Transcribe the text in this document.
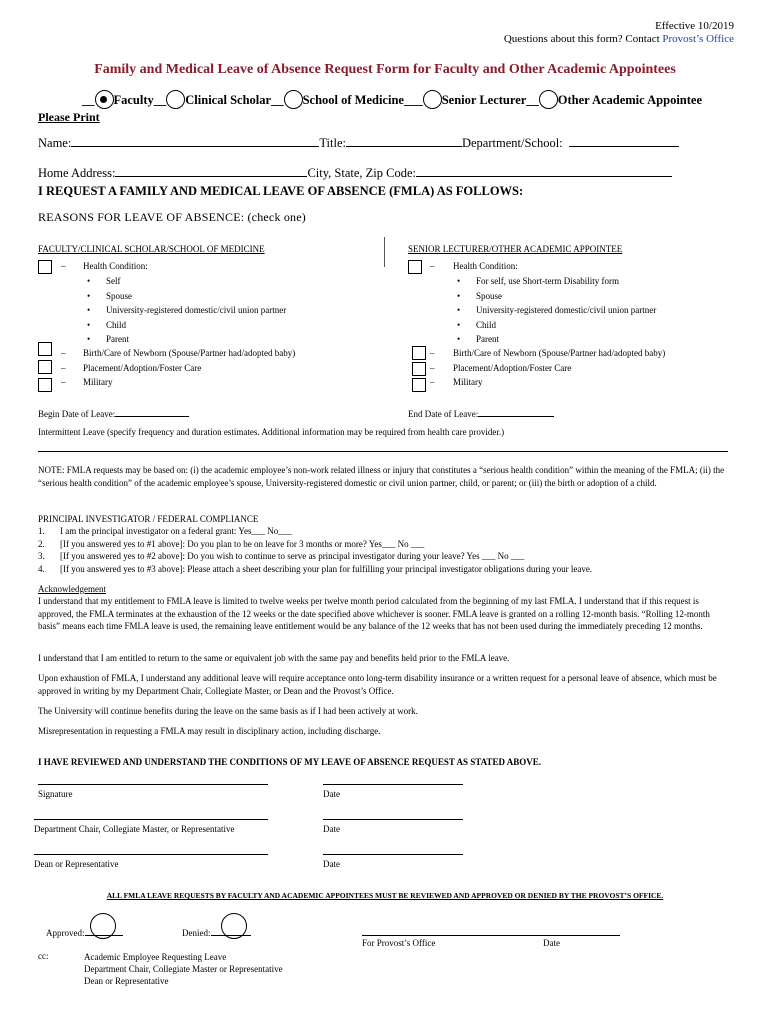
Effective 10/2019
Questions about this form? Contact Provost’s Office
Family and Medical Leave of Absence Request Form for Faculty and Other Academic Appointees
__ Faculty__ Clinical Scholar__ School of Medicine___ Senior Lecturer__ Other Academic Appointee
Please Print
Name:	Title:	Department/School:
Home Address:	City, State, Zip Code:
I REQUEST A FAMILY AND MEDICAL LEAVE OF ABSENCE (FMLA) AS FOLLOWS:
REASONS FOR LEAVE OF ABSENCE: (check one)
FACULTY/CLINICAL SCHOLAR/SCHOOL OF MEDICINE	SENIOR LECTURER/OTHER ACADEMIC APPOINTEE
– Health Condition:
• Self
• Spouse
• University-registered domestic/civil union partner
• Child
• Parent
–
–
–
Birth/Care of Newborn (Spouse/Partner had/adopted baby)
Placement/Adoption/Foster Care
Military
– Health Condition:
• For self, use Short-term Disability form
• Spouse
• University-registered domestic/civil union partner
• Child
• Parent
–
–
–
Birth/Care of Newborn (Spouse/Partner had/adopted baby)
Placement/Adoption/Foster Care
Military
Begin Date of Leave:	End Date of Leave:
Intermittent Leave (specify frequency and duration estimates. Additional information may be required from health care provider.)
NOTE: FMLA requests may be based on: (i) the academic employee’s non-work related illness or injury that constitutes a “serious health condition” within the meaning of the FMLA; (ii) the “serious health condition” of the academic employee’s spouse, University-registered domestic or civil union partner, child, or parent; or (iii) the birth or adoption of a child.
PRINCIPAL INVESTIGATOR / FEDERAL COMPLIANCE
1.	I am the principal investigator on a federal grant: Yes___ No___
2.	[If you answered yes to #1 above]: Do you plan to be on leave for 3 months or more? Yes___ No ___
3.	[If you answered yes to #2 above]: Do you wish to continue to serve as principal investigator during your leave? Yes ___ No ___
4.	[If you answered yes to #3 above]: Please attach a sheet describing your plan for fulfilling your principal investigator obligations during your leave.
Acknowledgement
I understand that my entitlement to FMLA leave is limited to twelve weeks per twelve month period calculated from the beginning of my last FMLA. I understand that if this request is approved, the FMLA terminates at the exhaustion of the 12 weeks or the date specified above whichever is sooner. FMLA leave is granted on a rolling 12-month basis. “Rolling 12-month basis” means each time FMLA leave is used, the remaining leave entitlement would be any balance of the 12 weeks that has not been used during the immediately preceding 12 months.
I understand that I am entitled to return to the same or equivalent job with the same pay and benefits held prior to the FMLA leave.
Upon exhaustion of FMLA, I understand any additional leave will require acceptance onto long-term disability insurance or a written request for a personal leave of absence, which must be approved in writing by my Department Chair, Collegiate Master, or Dean and the Provost’s Office.
The University will continue benefits during the leave on the same basis as if I had been actively at work.
Misrepresentation in requesting a FMLA may result in disciplinary action, including discharge.
I HAVE REVIEWED AND UNDERSTAND THE CONDITIONS OF MY LEAVE OF ABSENCE REQUEST AS STATED ABOVE.
Signature	Date
Department Chair, Collegiate Master, or Representative	Date
Dean or Representative	Date
ALL FMLA LEAVE REQUESTS BY FACULTY AND ACADEMIC APPOINTEES MUST BE REVIEWED AND APPROVED OR DENIED BY THE PROVOST’S OFFICE.
Approved:	Denied:
For Provost’s Office	Date
cc:	Academic Employee Requesting Leave
Department Chair, Collegiate Master or Representative
Dean or Representative
